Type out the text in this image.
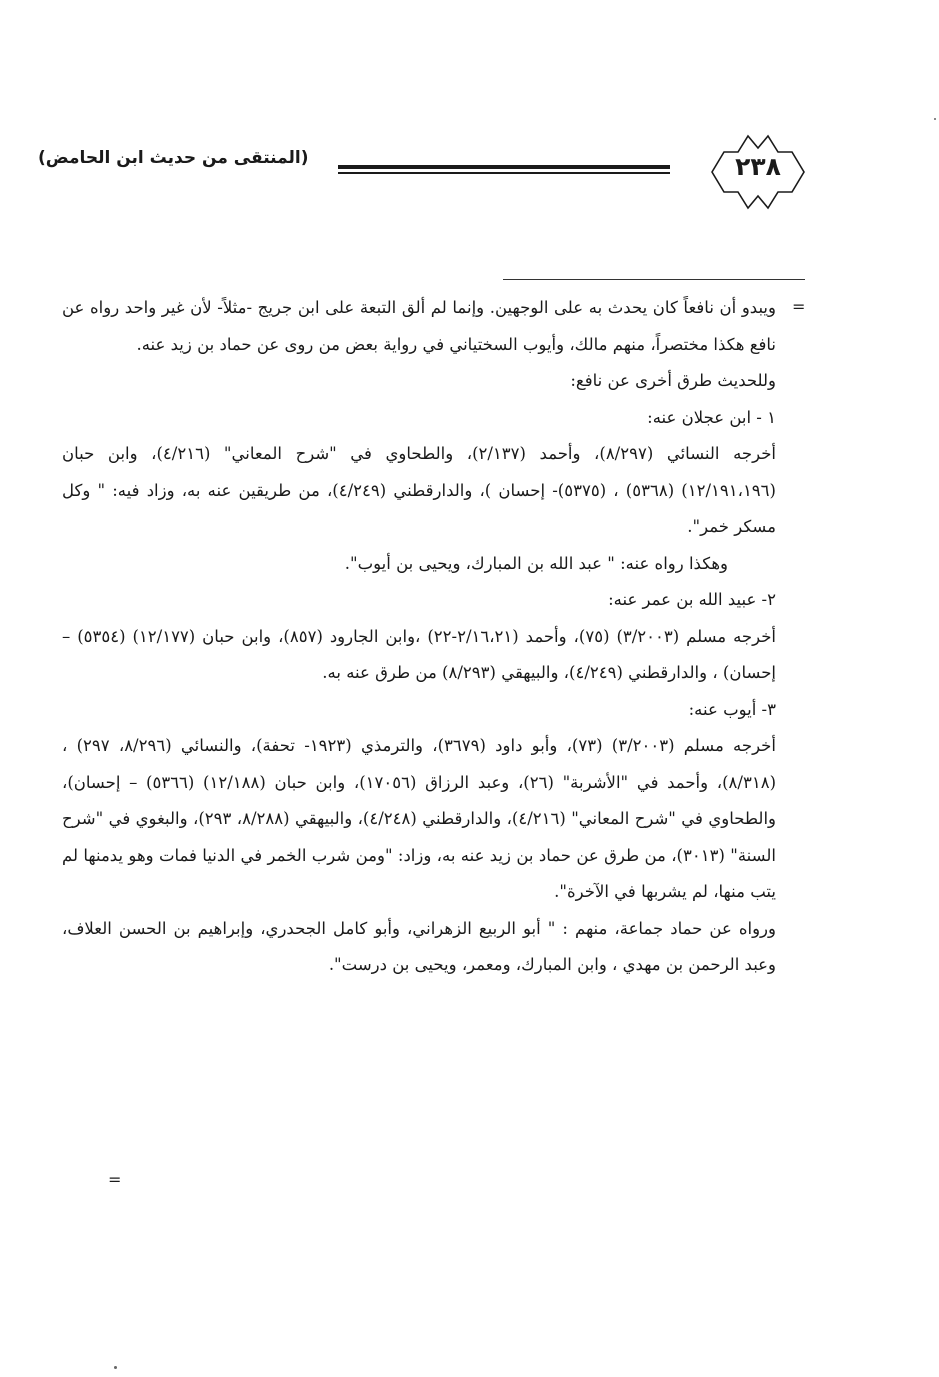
(المنتقى من حديث ابن الحامض)	٢٣٨
=

ويبدو أن نافعاً كان يحدث به على الوجهين. وإنما لم ألق التبعة على ابن جريج -مثلاً- لأن غير واحد رواه عن نافع هكذا مختصراً، منهم مالك، وأيوب السختياني في رواية بعض من روى عن حماد بن زيد عنه.

وللحديث طرق أخرى عن نافع:

١ - ابن عجلان عنه:

أخرجه النسائي (٨/٢٩٧)، وأحمد (٢/١٣٧)، والطحاوي في "شرح المعاني" (٤/٢١٦)، وابن حبان (١٢/١٩١،١٩٦) (٥٣٦٨) ، (٥٣٧٥)- إحسان )، والدارقطني (٤/٢٤٩)، من طريقين عنه به، وزاد فيه: " وكل مسكر خمر".

وهكذا رواه عنه: " عبد الله بن المبارك، ويحيى بن أيوب".

٢- عبيد الله بن عمر عنه:

أخرجه مسلم (٣/٢٠٠٣) (٧٥)، وأحمد (٢/١٦،٢١-٢٢) ،وابن الجارود (٨٥٧)، وابن حبان (١٢/١٧٧) (٥٣٥٤) – إحسان) ، والدارقطني (٤/٢٤٩)، والبيهقي (٨/٢٩٣) من طرق عنه به.

٣- أيوب عنه:

أخرجه مسلم (٣/٢٠٠٣) (٧٣)، وأبو داود (٣٦٧٩)، والترمذي (١٩٢٣- تحفة)، والنسائي (٨/٢٩٦، ٢٩٧) ، (٨/٣١٨)، وأحمد في "الأشربة" (٢٦)، وعبد الرزاق (١٧٠٥٦)، وابن حبان (١٢/١٨٨) (٥٣٦٦) – إحسان)، والطحاوي في "شرح المعاني" (٤/٢١٦)، والدارقطني (٤/٢٤٨)، والبيهقي (٨/٢٨٨، ٢٩٣)، والبغوي في "شرح السنة" (٣٠١٣)، من طرق عن حماد بن زيد عنه به، وزاد: "ومن شرب الخمر في الدنيا فمات وهو يدمنها لم يتب منها، لم يشربها في الآخرة".

ورواه عن حماد جماعة، منهم : " أبو الربيع الزهراني، وأبو كامل الجحدري، وإبراهيم بن الحسن العلاف، وعبد الرحمن بن مهدي ، وابن المبارك، ومعمر، ويحيى بن درست".

=
